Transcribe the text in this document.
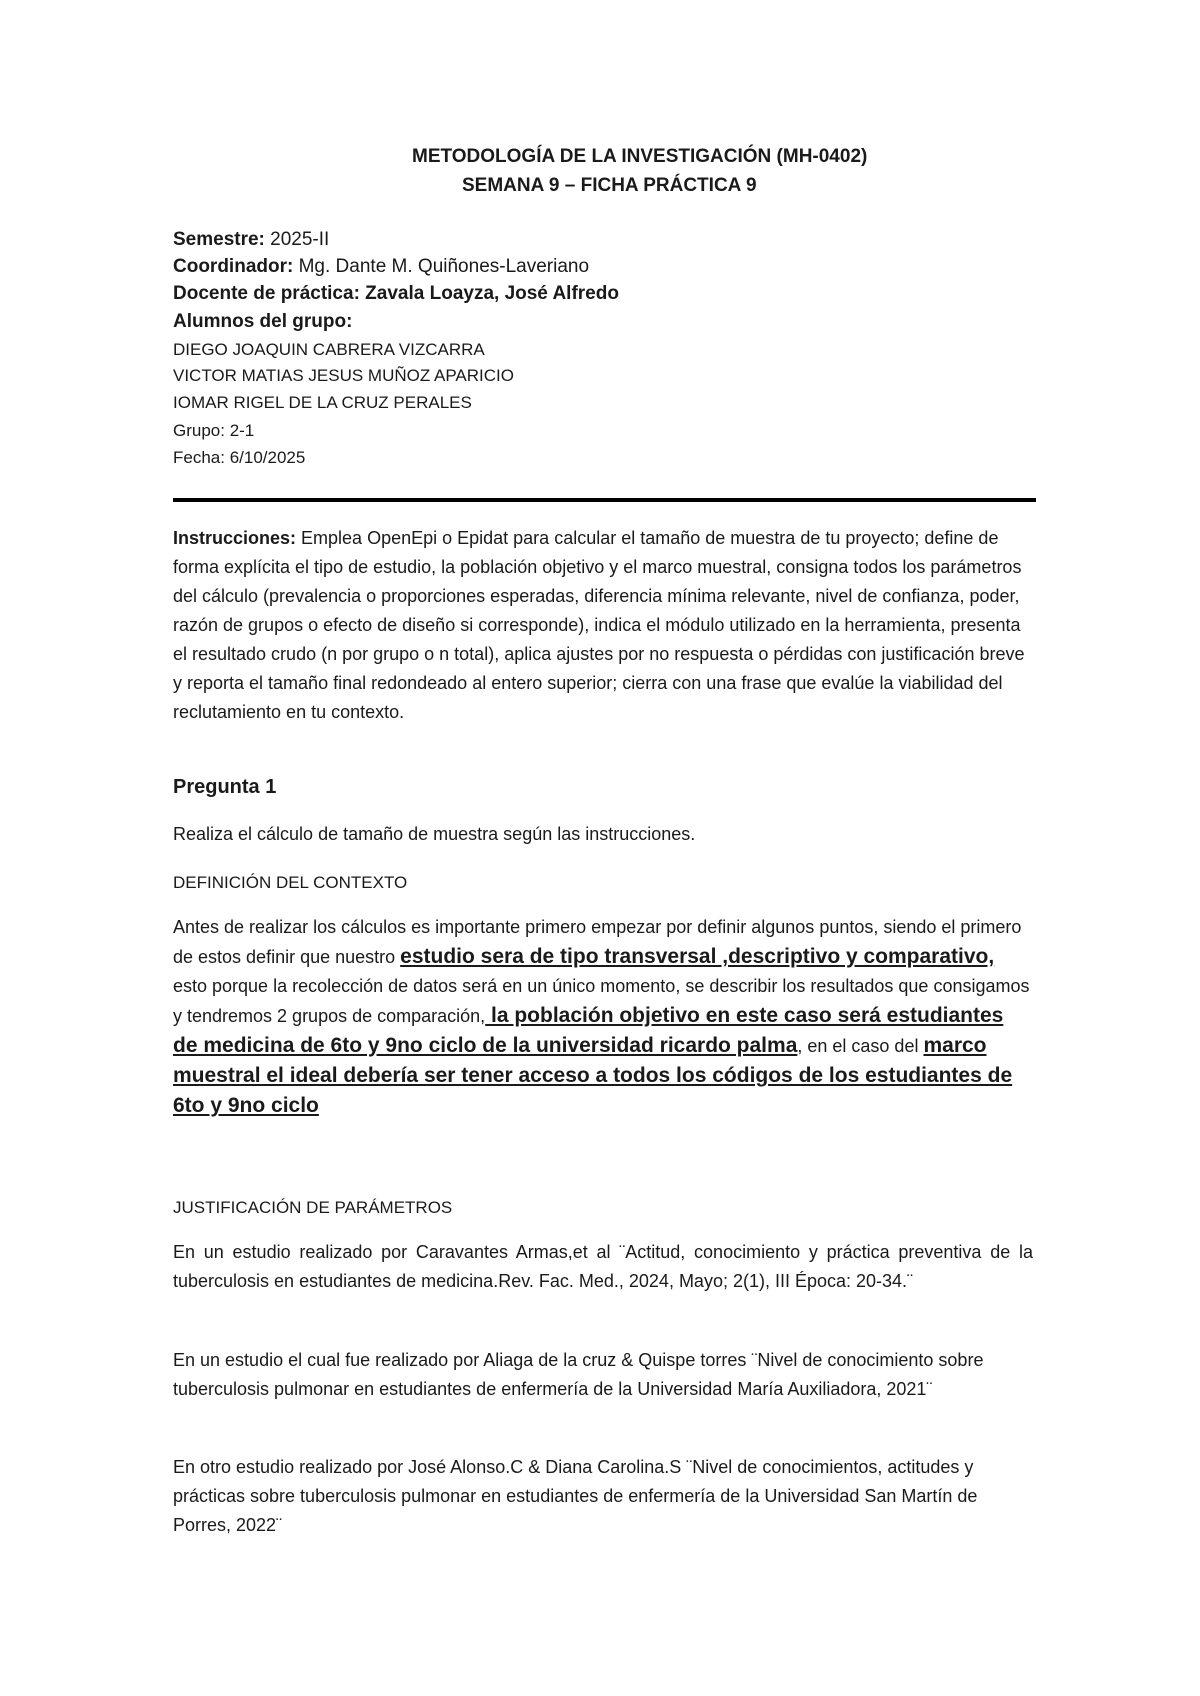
METODOLOGÍA DE LA INVESTIGACIÓN (MH-0402)
SEMANA 9 – FICHA PRÁCTICA 9
Semestre: 2025-II
Coordinador: Mg. Dante M. Quiñones-Laveriano
Docente de práctica: Zavala Loayza, José Alfredo
Alumnos del grupo:
DIEGO JOAQUIN CABRERA VIZCARRA
VICTOR MATIAS JESUS MUÑOZ APARICIO
IOMAR RIGEL DE LA CRUZ PERALES
Grupo: 2-1
Fecha: 6/10/2025
Instrucciones: Emplea OpenEpi o Epidat para calcular el tamaño de muestra de tu proyecto; define de forma explícita el tipo de estudio, la población objetivo y el marco muestral, consigna todos los parámetros del cálculo (prevalencia o proporciones esperadas, diferencia mínima relevante, nivel de confianza, poder, razón de grupos o efecto de diseño si corresponde), indica el módulo utilizado en la herramienta, presenta el resultado crudo (n por grupo o n total), aplica ajustes por no respuesta o pérdidas con justificación breve y reporta el tamaño final redondeado al entero superior; cierra con una frase que evalúe la viabilidad del reclutamiento en tu contexto.
Pregunta 1
Realiza el cálculo de tamaño de muestra según las instrucciones.
DEFINICIÓN DEL CONTEXTO
Antes de realizar los cálculos es importante primero empezar por definir algunos puntos, siendo el primero de estos definir que nuestro estudio sera de tipo transversal ,descriptivo y comparativo, esto porque la recolección de datos será en un único momento, se describir los resultados que consigamos y tendremos 2 grupos de comparación, la población objetivo en este caso será estudiantes de medicina de 6to y 9no ciclo de la universidad ricardo palma, en el caso del marco muestral el ideal debería ser tener acceso a todos los códigos de los estudiantes de 6to y 9no ciclo
JUSTIFICACIÓN DE PARÁMETROS
En un estudio realizado por Caravantes Armas,et al ¨Actitud, conocimiento y práctica preventiva de la tuberculosis en estudiantes de medicina.Rev. Fac. Med., 2024, Mayo; 2(1), III Época: 20-34.¨
En un estudio el cual fue realizado por Aliaga de la cruz & Quispe torres ¨Nivel de conocimiento sobre tuberculosis pulmonar en estudiantes de enfermería de la Universidad María Auxiliadora, 2021¨
En otro estudio realizado por José Alonso.C & Diana Carolina.S ¨Nivel de conocimientos, actitudes y prácticas sobre tuberculosis pulmonar en estudiantes de enfermería de la Universidad San Martín de Porres, 2022¨
